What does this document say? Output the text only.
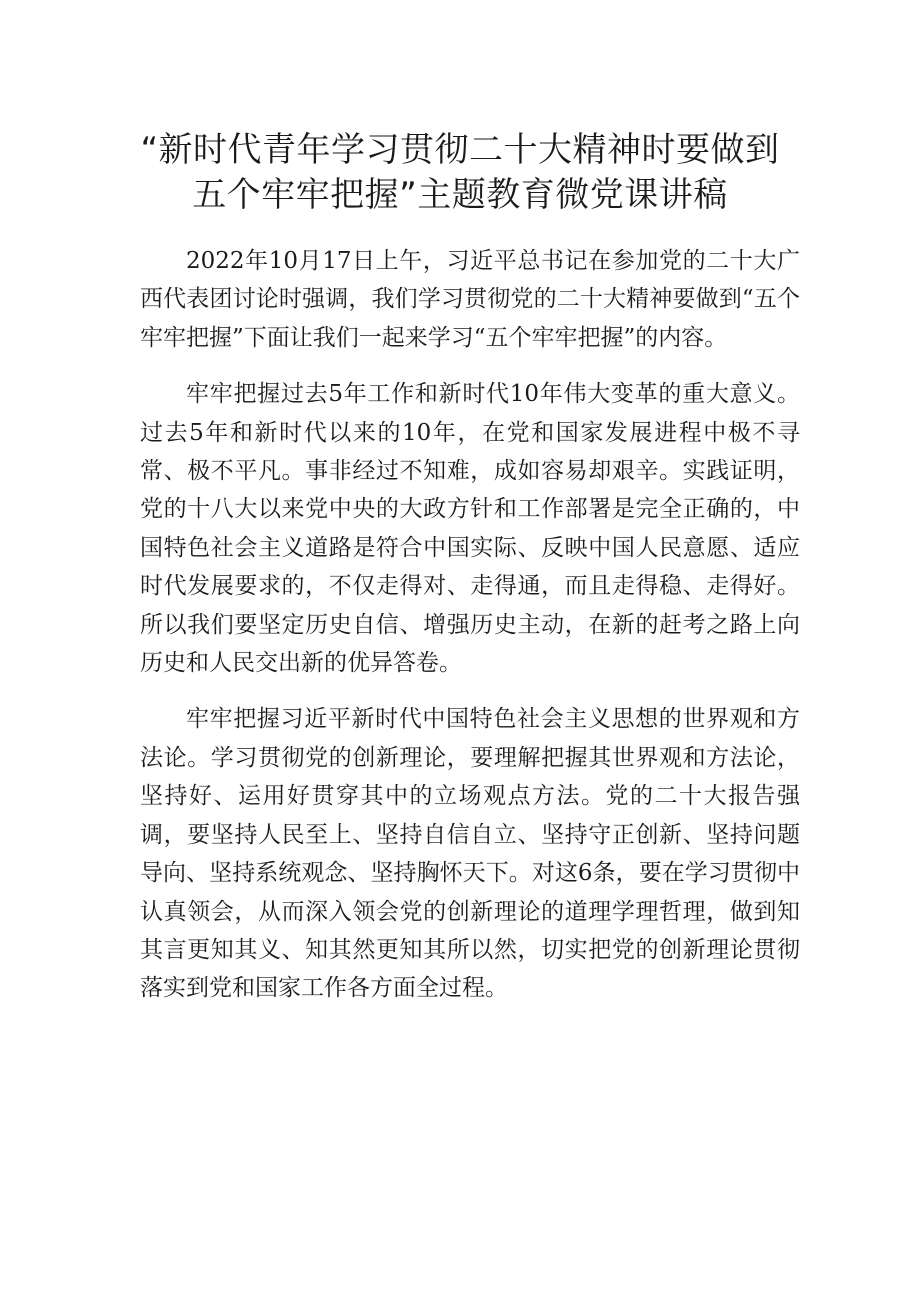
“新时代青年学习贯彻二十大精神时要做到五个牢牢把握”主题教育微党课讲稿

2022年10月17日上午，习近平总书记在参加党的二十大广西代表团讨论时强调，我们学习贯彻党的二十大精神要做到“五个牢牢把握”下面让我们一起来学习“五个牢牢把握”的内容。

牢牢把握过去5年工作和新时代10年伟大变革的重大意义。过去5年和新时代以来的10年，在党和国家发展进程中极不寻常、极不平凡。事非经过不知难，成如容易却艰辛。实践证明，党的十八大以来党中央的大政方针和工作部署是完全正确的，中国特色社会主义道路是符合中国实际、反映中国人民意愿、适应时代发展要求的，不仅走得对、走得通，而且走得稳、走得好。所以我们要坚定历史自信、增强历史主动，在新的赶考之路上向历史和人民交出新的优异答卷。

牢牢把握习近平新时代中国特色社会主义思想的世界观和方法论。学习贯彻党的创新理论，要理解把握其世界观和方法论，坚持好、运用好贯穿其中的立场观点方法。党的二十大报告强调，要坚持人民至上、坚持自信自立、坚持守正创新、坚持问题导向、坚持系统观念、坚持胸怀天下。对这6条，要在学习贯彻中认真领会，从而深入领会党的创新理论的道理学理哲理，做到知其言更知其义、知其然更知其所以然，切实把党的创新理论贯彻落实到党和国家工作各方面全过程。
